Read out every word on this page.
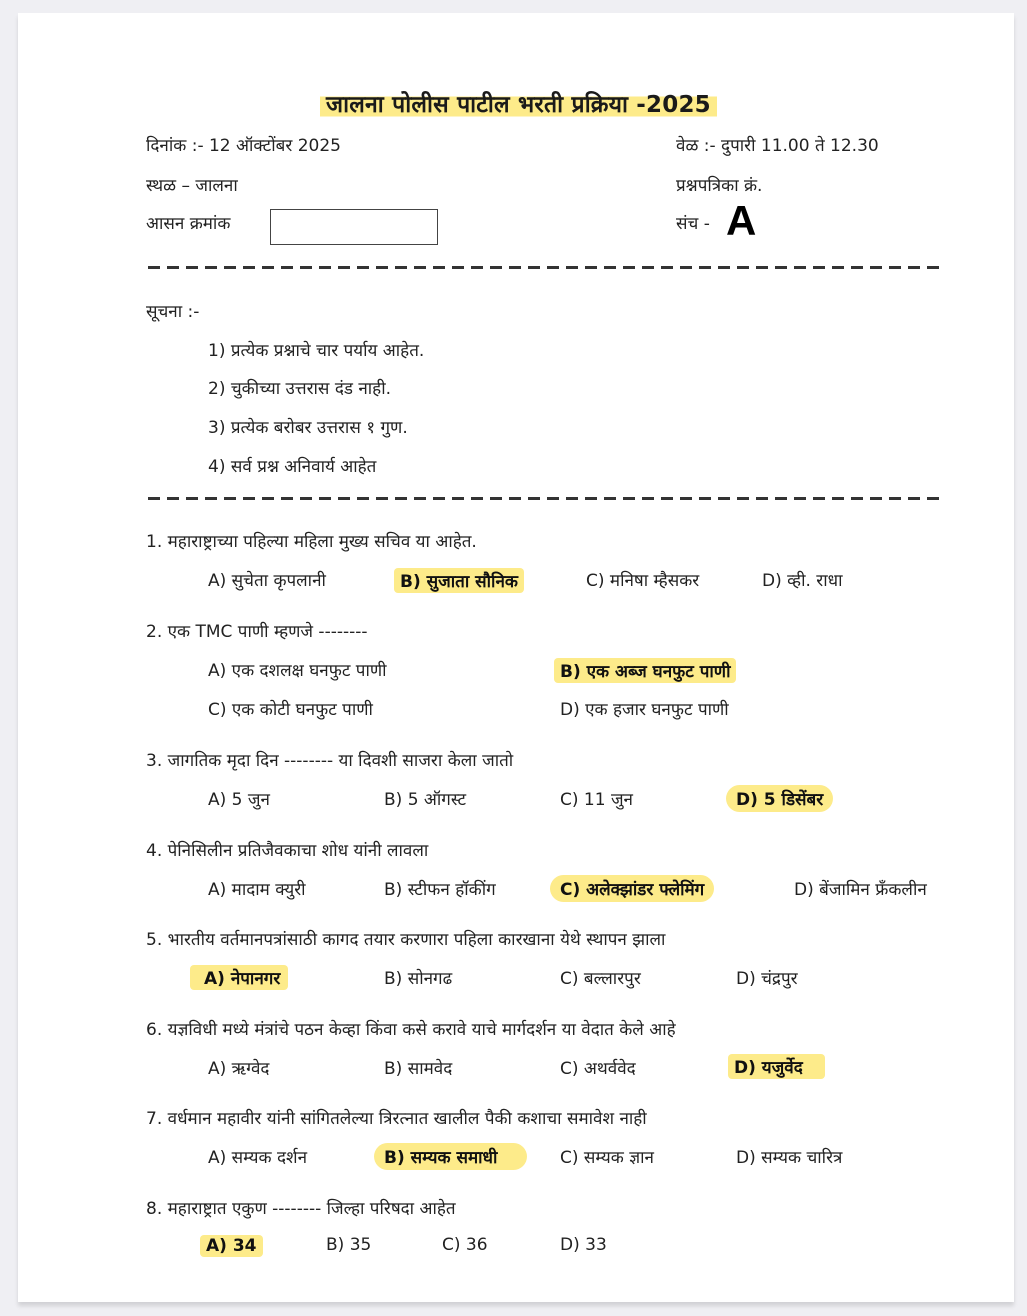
जालना पोलीस पाटील भरती प्रक्रिया -2025
दिनांक :- 12 ऑक्टोंबर 2025	वेळ :- दुपारी 11.00 ते 12.30
स्थळ – जालना	प्रश्नपत्रिका क्रं.
आसन क्रमांक	संच - A
सूचना :-
1) प्रत्येक प्रश्नाचे चार पर्याय आहेत.
2) चुकीच्या उत्तरास दंड नाही.
3) प्रत्येक बरोबर उत्तरास १ गुण.
4) सर्व प्रश्न अनिवार्य आहेत
1. महाराष्ट्राच्या पहिल्या महिला मुख्य सचिव या आहेत.
A) सुचेता कृपलानी	B) सुजाता सौनिक	C) मनिषा म्हैसकर	D) व्ही. राधा
2. एक TMC पाणी म्हणजे --------
A) एक दशलक्ष घनफुट पाणी	B) एक अब्ज घनफुट पाणी
C) एक कोटी घनफुट पाणी	D) एक हजार घनफुट पाणी
3. जागतिक मृदा दिन -------- या दिवशी साजरा केला जातो
A) 5 जुन	B) 5 ऑगस्ट	C) 11 जुन	D) 5 डिसेंबर
4. पेनिसिलीन प्रतिजैवकाचा शोध यांनी लावला
A) मादाम क्युरी	B) स्टीफन हॉकींग	C) अलेक्झांडर फ्लेमिंग	D) बेंजामिन फ्रँकलीन
5. भारतीय वर्तमानपत्रांसाठी कागद तयार करणारा पहिला कारखाना येथे स्थापन झाला
A) नेपानगर	B) सोनगढ	C) बल्लारपुर	D) चंद्रपुर
6. यज्ञविधी मध्ये मंत्रांचे पठन केव्हा किंवा कसे करावे याचे मार्गदर्शन या वेदात केले आहे
A) ऋग्वेद	B) सामवेद	C) अथर्ववेद	D) यजुर्वेद
7. वर्धमान महावीर यांनी सांगितलेल्या त्रिरत्नात खालील पैकी कशाचा समावेश नाही
A) सम्यक दर्शन	B) सम्यक समाधी	C) सम्यक ज्ञान	D) सम्यक चारित्र
8. महाराष्ट्रात एकुण -------- जिल्हा परिषदा आहेत
A) 34	B) 35	C) 36	D) 33
